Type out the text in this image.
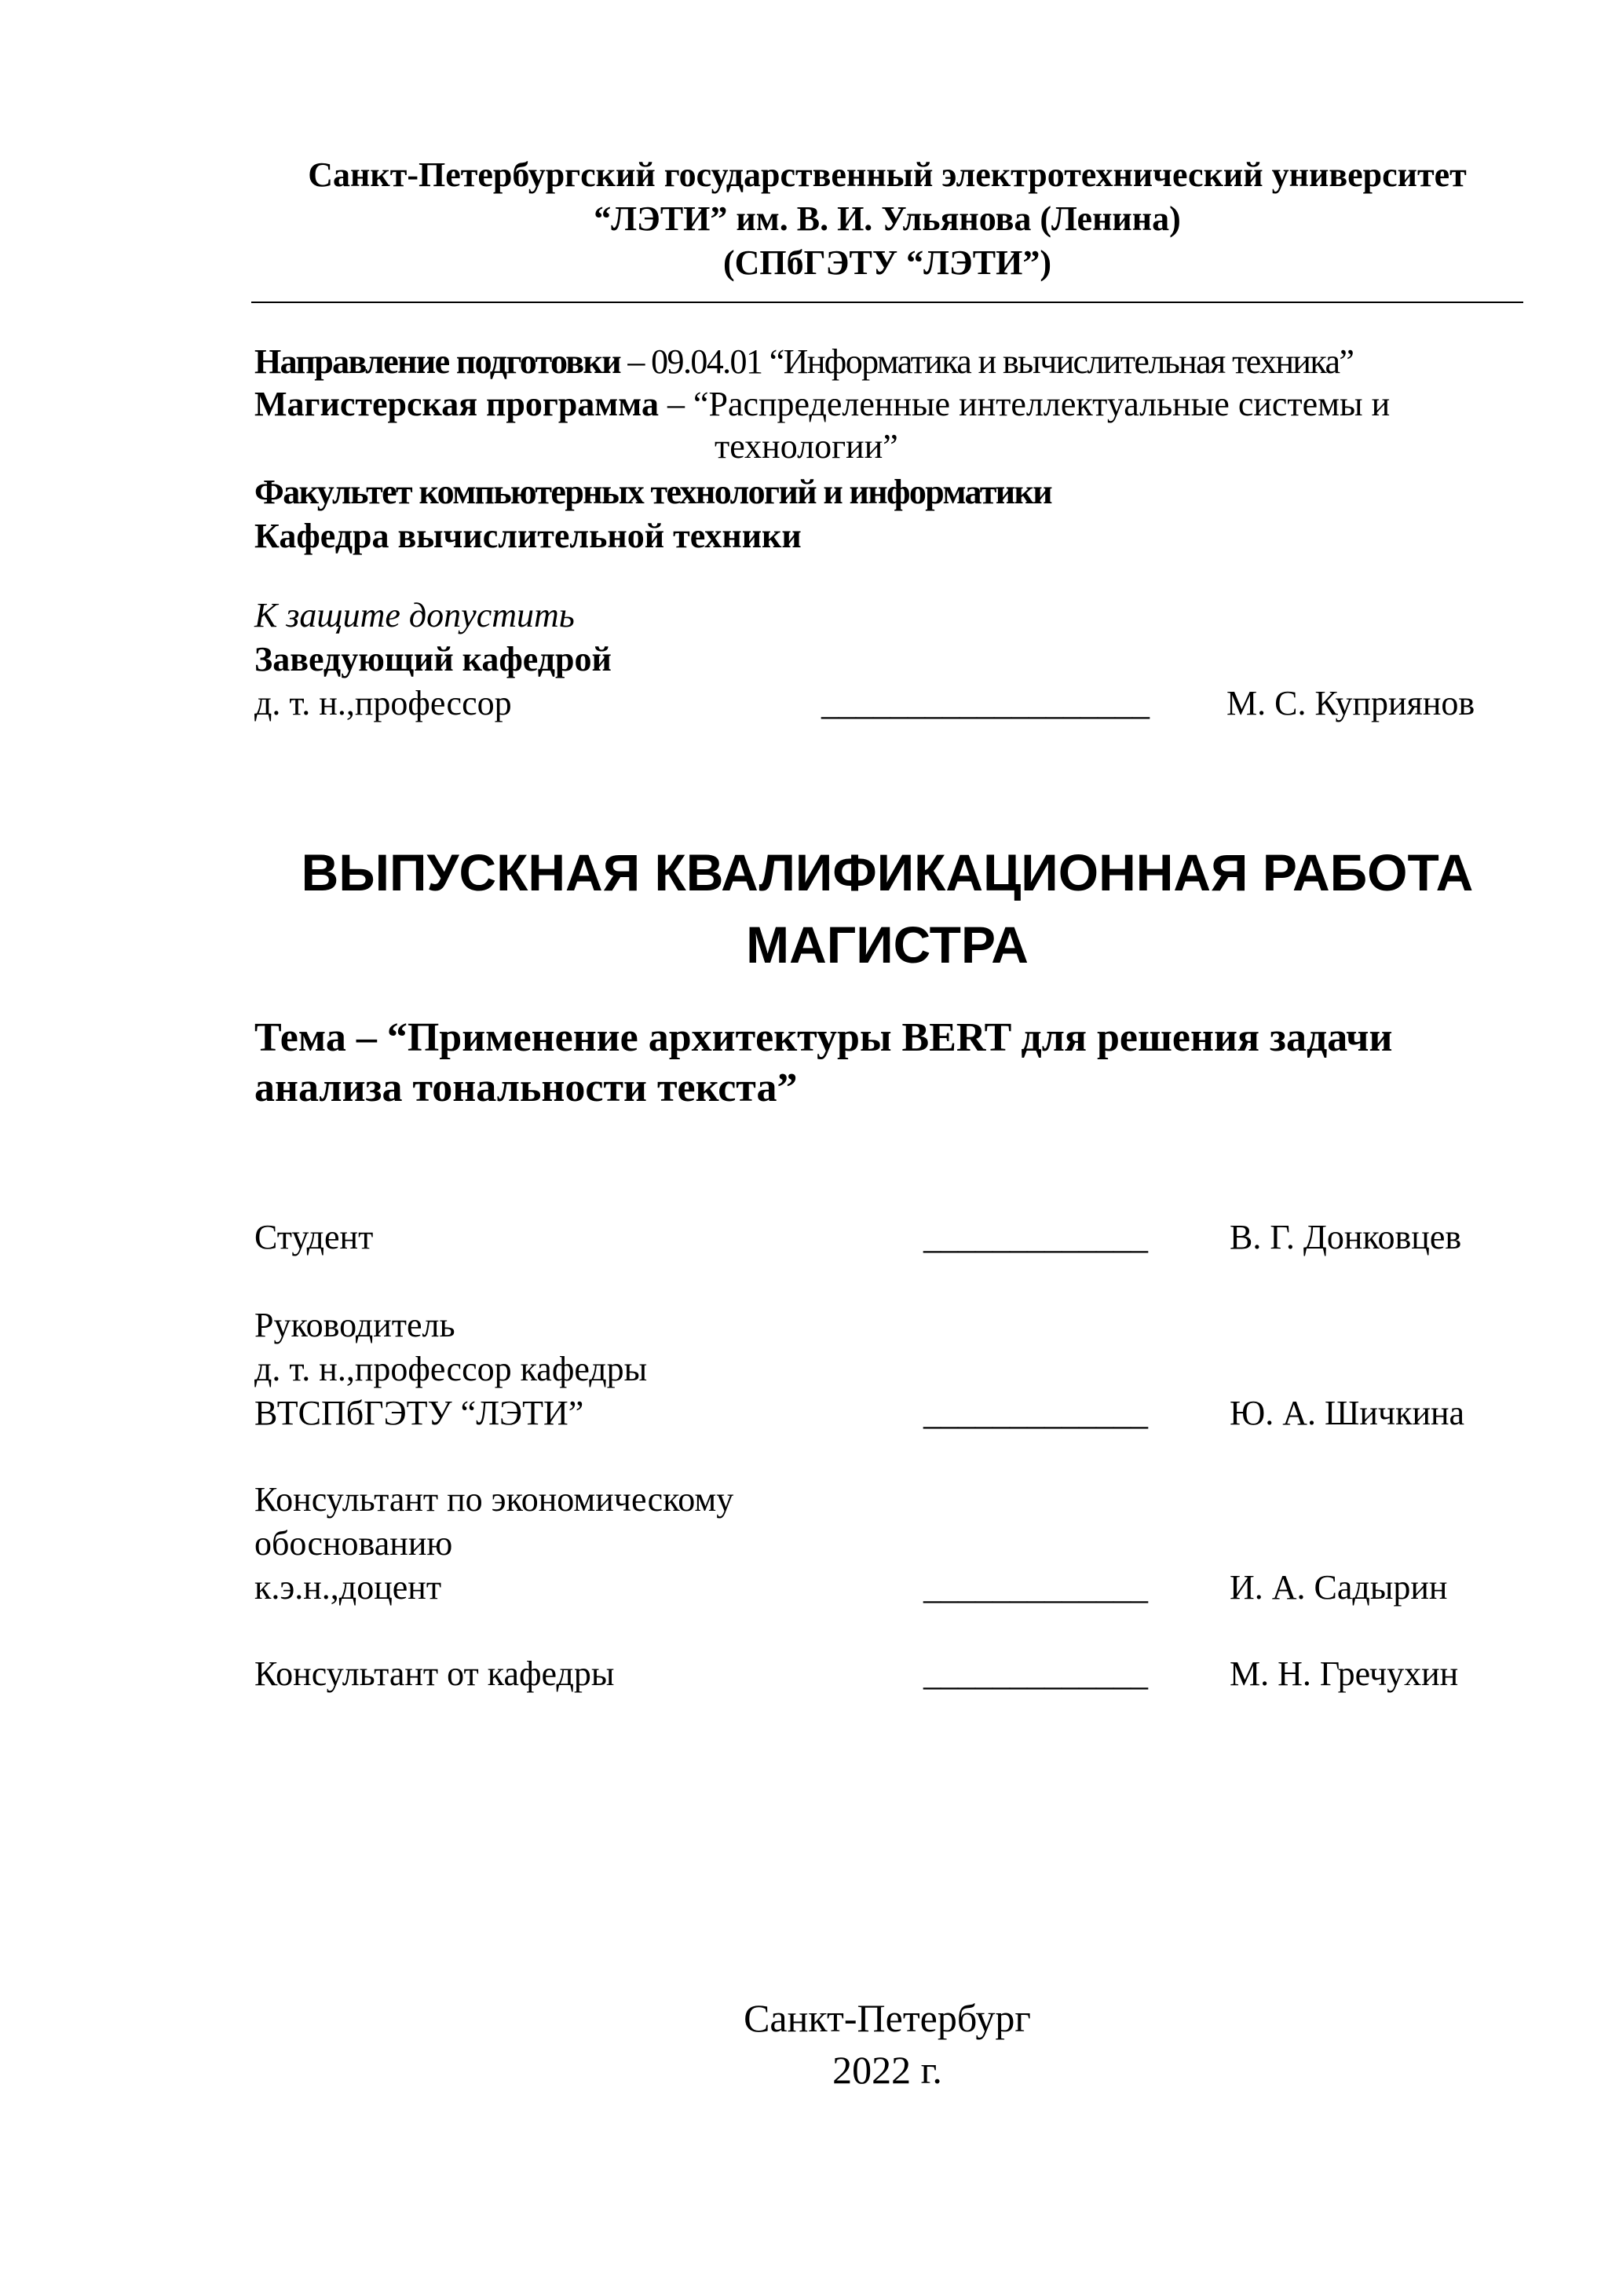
Санкт-Петербургский государственный электротехнический университет
“ЛЭТИ” им. В. И. Ульянова (Ленина)
(СПбГЭТУ “ЛЭТИ”)
Направление подготовки – 09.04.01 “Информатика и вычислительная техника”
Магистерская программа – “Распределенные интеллектуальные системы и
технологии”
Факультет компьютерных технологий и информатики
Кафедра вычислительной техники
К защите допустить
Заведующий кафедрой
д. т. н.,профессор	___________________ М. С. Куприянов
ВЫПУСКНАЯ КВАЛИФИКАЦИОННАЯ РАБОТА
МАГИСТРА
Тема – “Применение архитектуры BERT для решения задачи
анализа тональности текста”
Студент	_____________ В. Г. Донковцев
Руководитель
д. т. н.,профессор кафедры
ВТСПбГЭТУ “ЛЭТИ”	_____________ Ю. А. Шичкина
Консультант по экономическому
обоснованию
к.э.н.,доцент	_____________ И. А. Садырин
Консультант от кафедры	_____________ М. Н. Гречухин
Санкт-Петербург
2022 г.
